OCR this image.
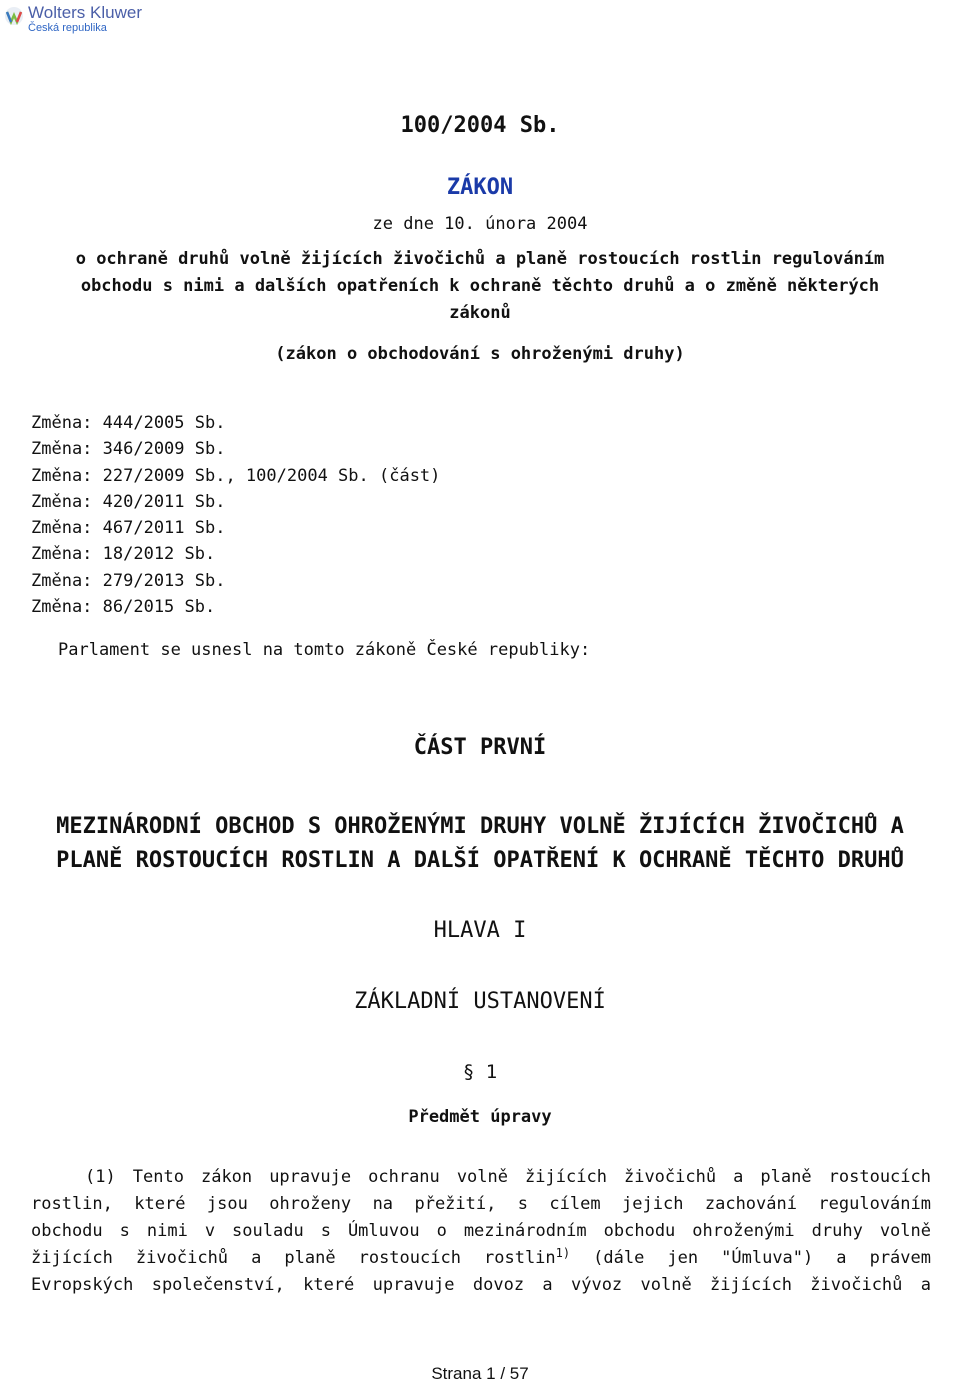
Wolters Kluwer
Česká republika
100/2004 Sb.
ZÁKON
ze dne 10. února 2004
o ochraně druhů volně žijících živočichů a planě rostoucích rostlin regulováním
obchodu s nimi a dalších opatřeních k ochraně těchto druhů a o změně některých
zákonů
(zákon o obchodování s ohroženými druhy)
Změna: 444/2005 Sb.
Změna: 346/2009 Sb.
Změna: 227/2009 Sb., 100/2004 Sb. (část)
Změna: 420/2011 Sb.
Změna: 467/2011 Sb.
Změna: 18/2012 Sb.
Změna: 279/2013 Sb.
Změna: 86/2015 Sb.
Parlament se usnesl na tomto zákoně České republiky:
ČÁST PRVNÍ
MEZINÁRODNÍ OBCHOD S OHROŽENÝMI DRUHY VOLNĚ ŽIJÍCÍCH ŽIVOČICHŮ A
PLANĚ ROSTOUCÍCH ROSTLIN A DALŠÍ OPATŘENÍ K OCHRANĚ TĚCHTO DRUHŮ
HLAVA I
ZÁKLADNÍ USTANOVENÍ
§ 1
Předmět úpravy
(1) Tento zákon upravuje ochranu volně žijících živočichů a planě rostoucích
rostlin, které jsou ohroženy na přežití, s cílem jejich zachování regulováním
obchodu s nimi v souladu s Úmluvou o mezinárodním obchodu ohroženými druhy volně
žijících živočichů a planě rostoucích rostlin$^{1)}$ (dále jen "Úmluva") a právem
Evropských společenství, které upravuje dovoz a vývoz volně žijících živočichů a
Strana 1 / 57
